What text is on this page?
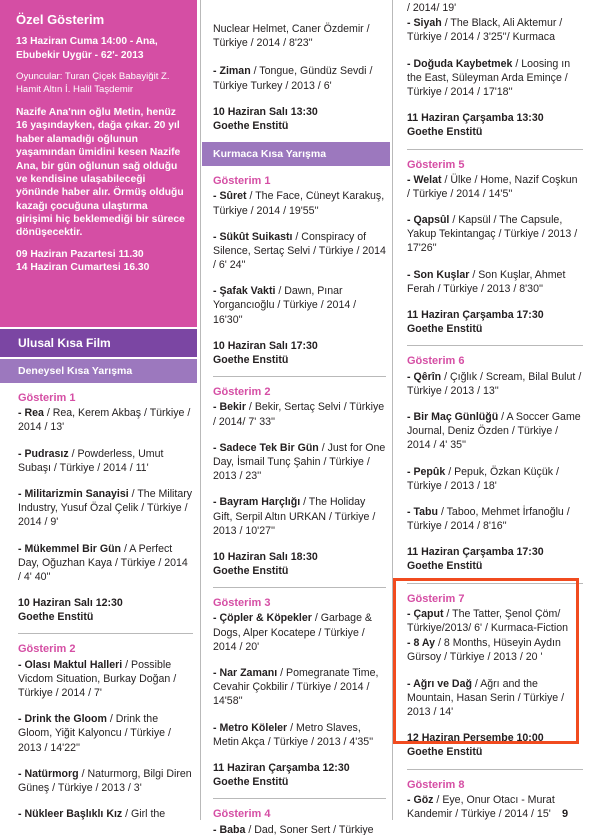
Özel Gösterim
13 Haziran Cuma 14:00 - Ana, Ebubekir Uygür - 62'- 2013
Oyuncular: Turan Çiçek Babayiğit Z. Hamit Altın İ. Halil Taşdemir
Nazife Ana'nın oğlu Metin, henüz 16 yaşındayken, dağa çıkar. 20 yıl haber alamadığı oğlunun yaşamından ümidini kesen Nazife Ana, bir gün oğlunun sağ olduğu ve kendisine ulaşabileceği yönünde haber alır. Örmüş olduğu kazağı çocuğuna ulaştırma girişimi hiç beklemediği bir sürece dönüşecektir.
09 Haziran Pazartesi 11.30
14 Haziran Cumartesi 16.30
Ulusal Kısa Film
Deneysel Kısa Yarışma
Gösterim 1
- Rea / Rea, Kerem Akbaş / Türkiye / 2014 / 13'
- Pudrasız / Powderless, Umut Subaşı / Türkiye / 2014 / 11'
- Militarizmin Sanayisi / The Military Industry, Yusuf Özal Çelik / Türkiye / 2014 / 9'
- Mükemmel Bir Gün / A Perfect Day, Oğuzhan Kaya / Türkiye / 2014 / 4' 40''
10 Haziran Salı 12:30
Goethe Enstitü
Gösterim 2
- Olası Maktul Halleri / Possible Vicdom Situation, Burkay Doğan / Türkiye / 2014 / 7'
- Drink the Gloom / Drink the Gloom, Yiğit Kalyoncu / Türkiye / 2013 / 14'22''
- Natürmorg / Naturmorg, Bilgi Diren Güneş / Türkiye / 2013 / 3'
- Nükleer Başlıklı Kız / Girl the
Nuclear Helmet, Caner Özdemir / Türkiye / 2014 / 8'23''
- Ziman / Tongue, Gündüz Sevdi / Türkiye Turkey / 2013 / 6'
10 Haziran Salı 13:30
Goethe Enstitü
Kurmaca Kısa Yarışma
Gösterim 1
- Sûret / The Face, Cüneyt Karakuş, Türkiye / 2014 / 19'55''
- Sükût Suikastı / Conspiracy of Silence, Sertaç Selvi / Türkiye / 2014 / 6' 24''
- Şafak Vakti / Dawn, Pınar Yorgancıoğlu / Türkiye / 2014 / 16'30''
10 Haziran Salı 17:30
Goethe Enstitü
Gösterim 2
- Bekir / Bekir, Sertaç Selvi / Türkiye / 2014/ 7' 33''
- Sadece Tek Bir Gün / Just for One Day, İsmail Tunç Şahin / Türkiye / 2013 / 23''
- Bayram Harçlığı / The Holiday Gift, Serpil Altın URKAN / Türkiye / 2013 / 10'27''
10 Haziran Salı 18:30
Goethe Enstitü
Gösterim 3
- Çöpler & Köpekler / Garbage & Dogs, Alper Kocatepe / Türkiye / 2014 / 20'
- Nar Zamanı / Pomegranate Time, Cevahir Çokbilir / Türkiye / 2014 / 14'58''
- Metro Köleler / Metro Slaves, Metin Akça / Türkiye / 2013 / 4'35''
11 Haziran Çarşamba 12:30
Goethe Enstitü
Gösterim 4
- Baba / Dad, Soner Sert / Türkiye
/ 2014/ 19'
- Siyah / The Black, Ali Aktemur / Türkiye / 2014 / 3'25''/ Kurmaca
- Doğuda Kaybetmek / Loosing ın the East, Süleyman Arda Eminçe / Türkiye / 2014 / 17'18''
11 Haziran Çarşamba 13:30
Goethe Enstitü
Gösterim 5
- Welat / Ülke / Home, Nazif Coşkun / Türkiye / 2014 / 14'5''
- Qapsûl / Kapsül / The Capsule, Yakup Tekintangaç / Türkiye / 2013 / 17'26''
- Son Kuşlar / Son Kuşlar, Ahmet Ferah / Türkiye / 2013 / 8'30''
11 Haziran Çarşamba 17:30
Goethe Enstitü
Gösterim 6
- Qêrîn / Çığlık / Scream, Bilal Bulut / Türkiye / 2013 / 13''
- Bir Maç Günlüğü / A Soccer Game Journal, Deniz Özden / Türkiye / 2014 / 4' 35''
- Pepûk / Pepuk, Özkan Küçük / Türkiye / 2013 / 18'
- Tabu / Taboo, Mehmet İrfanoğlu / Türkiye / 2014 / 8'16''
11 Haziran Çarşamba 17:30
Goethe Enstitü
Gösterim 7
- Çaput / The Tatter, Şenol Çöm/ Türkiye/2013/ 6' / Kurmaca-Fiction
- 8 Ay / 8 Months, Hüseyin Aydın Gürsoy / Türkiye / 2013 / 20 '
- Ağrı ve Dağ / Ağrı and the Mountain, Hasan Serin / Türkiye / 2013 / 14'
12 Haziran Perşembe 10:00
Goethe Enstitü
Gösterim 8
- Göz / Eye, Onur Otacı - Murat Kandemir / Türkiye / 2014 / 15'	9
